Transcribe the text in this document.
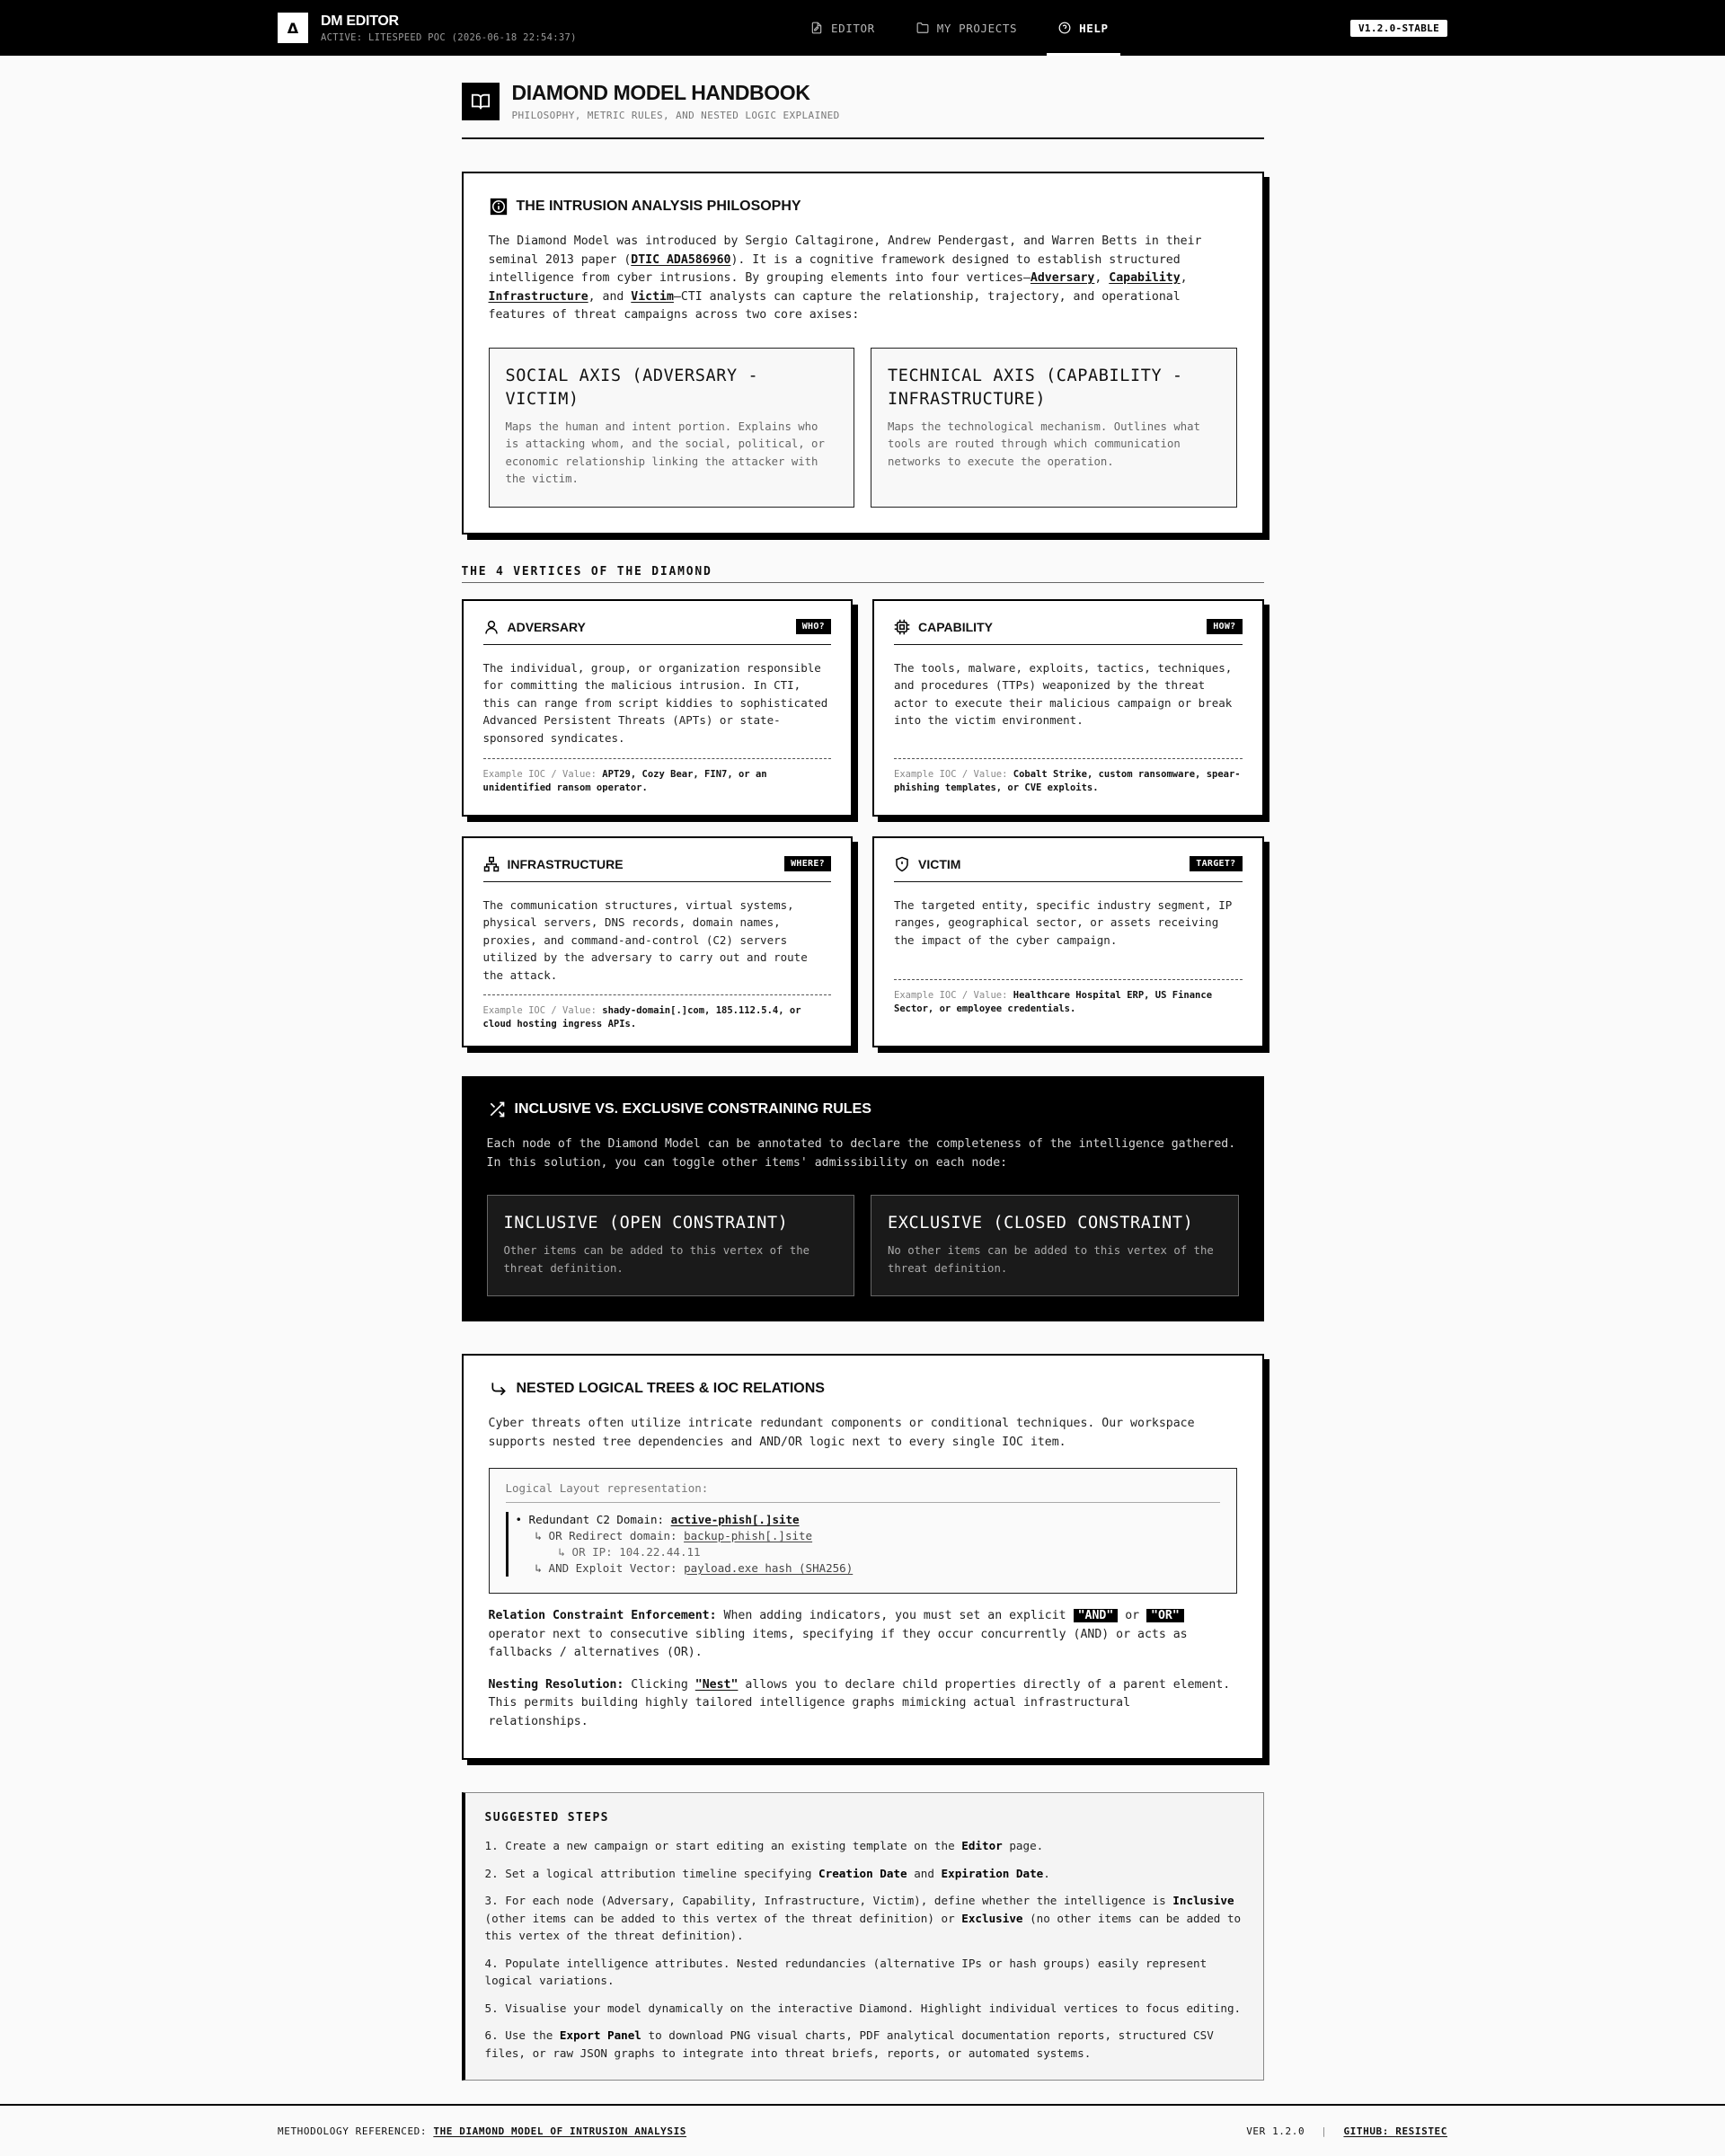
Δ	DM EDITOR
ACTIVE: LITESPEED POC (2026-06-18 22:54:37)
EDITOR	MY PROJECTS	HELP	V1.2.0-STABLE
DIAMOND MODEL HANDBOOK
PHILOSOPHY, METRIC RULES, AND NESTED LOGIC EXPLAINED
THE INTRUSION ANALYSIS PHILOSOPHY

The Diamond Model was introduced by Sergio Caltagirone, Andrew Pendergast, and Warren Betts in their seminal 2013 paper (DTIC ADA586960). It is a cognitive framework designed to establish structured intelligence from cyber intrusions. By grouping elements into four vertices—Adversary, Capability, Infrastructure, and Victim—CTI analysts can capture the relationship, trajectory, and operational features of threat campaigns across two core axises:

SOCIAL AXIS (ADVERSARY - VICTIM)
Maps the human and intent portion. Explains who is attacking whom, and the social, political, or economic relationship linking the attacker with the victim.
TECHNICAL AXIS (CAPABILITY - INFRASTRUCTURE)
Maps the technological mechanism. Outlines what tools are routed through which communication networks to execute the operation.
THE 4 VERTICES OF THE DIAMOND
ADVERSARY	WHO?
The individual, group, or organization responsible for committing the malicious intrusion. In CTI, this can range from script kiddies to sophisticated Advanced Persistent Threats (APTs) or state-sponsored syndicates.
Example IOC / Value: APT29, Cozy Bear, FIN7, or an unidentified ransom operator.
CAPABILITY	HOW?
The tools, malware, exploits, tactics, techniques, and procedures (TTPs) weaponized by the threat actor to execute their malicious campaign or break into the victim environment.
Example IOC / Value: Cobalt Strike, custom ransomware, spear-phishing templates, or CVE exploits.
INFRASTRUCTURE	WHERE?
The communication structures, virtual systems, physical servers, DNS records, domain names, proxies, and command-and-control (C2) servers utilized by the adversary to carry out and route the attack.
Example IOC / Value: shady-domain[.]com, 185.112.5.4, or cloud hosting ingress APIs.
VICTIM	TARGET?
The targeted entity, specific industry segment, IP ranges, geographical sector, or assets receiving the impact of the cyber campaign.
Example IOC / Value: Healthcare Hospital ERP, US Finance Sector, or employee credentials.
INCLUSIVE VS. EXCLUSIVE CONSTRAINING RULES

Each node of the Diamond Model can be annotated to declare the completeness of the intelligence gathered. In this solution, you can toggle other items' admissibility on each node:

INCLUSIVE (OPEN CONSTRAINT)
Other items can be added to this vertex of the threat definition.
EXCLUSIVE (CLOSED CONSTRAINT)
No other items can be added to this vertex of the threat definition.
NESTED LOGICAL TREES & IOC RELATIONS

Cyber threats often utilize intricate redundant components or conditional techniques. Our workspace supports nested tree dependencies and AND/OR logic next to every single IOC item.

Logical Layout representation:
• Redundant C2 Domain: active-phish[.]site
↳ OR Redirect domain: backup-phish[.]site
↳ OR IP: 104.22.44.11
↳ AND Exploit Vector: payload.exe hash (SHA256)

Relation Constraint Enforcement: When adding indicators, you must set an explicit "AND" or "OR" operator next to consecutive sibling items, specifying if they occur concurrently (AND) or acts as fallbacks / alternatives (OR).

Nesting Resolution: Clicking "Nest" allows you to declare child properties directly of a parent element. This permits building highly tailored intelligence graphs mimicking actual infrastructural relationships.

SUGGESTED STEPS

1. Create a new campaign or start editing an existing template on the Editor page.

2. Set a logical attribution timeline specifying Creation Date and Expiration Date.

3. For each node (Adversary, Capability, Infrastructure, Victim), define whether the intelligence is Inclusive (other items can be added to this vertex of the threat definition) or Exclusive (no other items can be added to this vertex of the threat definition).

4. Populate intelligence attributes. Nested redundancies (alternative IPs or hash groups) easily represent logical variations.

5. Visualise your model dynamically on the interactive Diamond. Highlight individual vertices to focus editing.

6. Use the Export Panel to download PNG visual charts, PDF analytical documentation reports, structured CSV files, or raw JSON graphs to integrate into threat briefs, reports, or automated systems.

METHODOLOGY REFERENCED: THE DIAMOND MODEL OF INTRUSION ANALYSIS	VER 1.2.0 | GITHUB: RESISTEC
